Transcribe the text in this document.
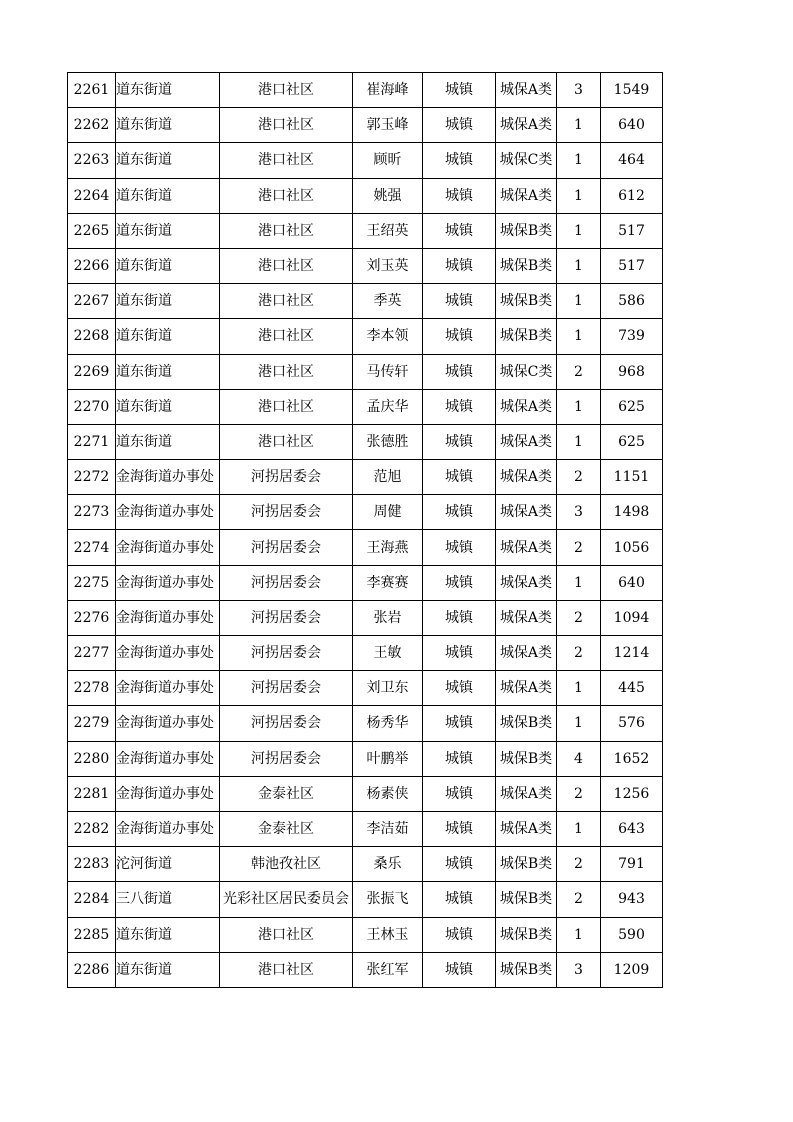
2261	道东街道	港口社区	崔海峰	城镇	城保A类	3	1549
2262	道东街道	港口社区	郭玉峰	城镇	城保A类	1	640
2263	道东街道	港口社区	顾昕	城镇	城保C类	1	464
2264	道东街道	港口社区	姚强	城镇	城保A类	1	612
2265	道东街道	港口社区	王绍英	城镇	城保B类	1	517
2266	道东街道	港口社区	刘玉英	城镇	城保B类	1	517
2267	道东街道	港口社区	季英	城镇	城保B类	1	586
2268	道东街道	港口社区	李本领	城镇	城保B类	1	739
2269	道东街道	港口社区	马传轩	城镇	城保C类	2	968
2270	道东街道	港口社区	孟庆华	城镇	城保A类	1	625
2271	道东街道	港口社区	张德胜	城镇	城保A类	1	625
2272	金海街道办事处	河拐居委会	范旭	城镇	城保A类	2	1151
2273	金海街道办事处	河拐居委会	周健	城镇	城保A类	3	1498
2274	金海街道办事处	河拐居委会	王海燕	城镇	城保A类	2	1056
2275	金海街道办事处	河拐居委会	李赛赛	城镇	城保A类	1	640
2276	金海街道办事处	河拐居委会	张岩	城镇	城保A类	2	1094
2277	金海街道办事处	河拐居委会	王敏	城镇	城保A类	2	1214
2278	金海街道办事处	河拐居委会	刘卫东	城镇	城保A类	1	445
2279	金海街道办事处	河拐居委会	杨秀华	城镇	城保B类	1	576
2280	金海街道办事处	河拐居委会	叶鹏举	城镇	城保B类	4	1652
2281	金海街道办事处	金泰社区	杨素侠	城镇	城保A类	2	1256
2282	金海街道办事处	金泰社区	李洁茹	城镇	城保A类	1	643
2283	沱河街道	韩池孜社区	桑乐	城镇	城保B类	2	791
2284	三八街道	光彩社区居民委员会	张振飞	城镇	城保B类	2	943
2285	道东街道	港口社区	王林玉	城镇	城保B类	1	590
2286	道东街道	港口社区	张红军	城镇	城保B类	3	1209
